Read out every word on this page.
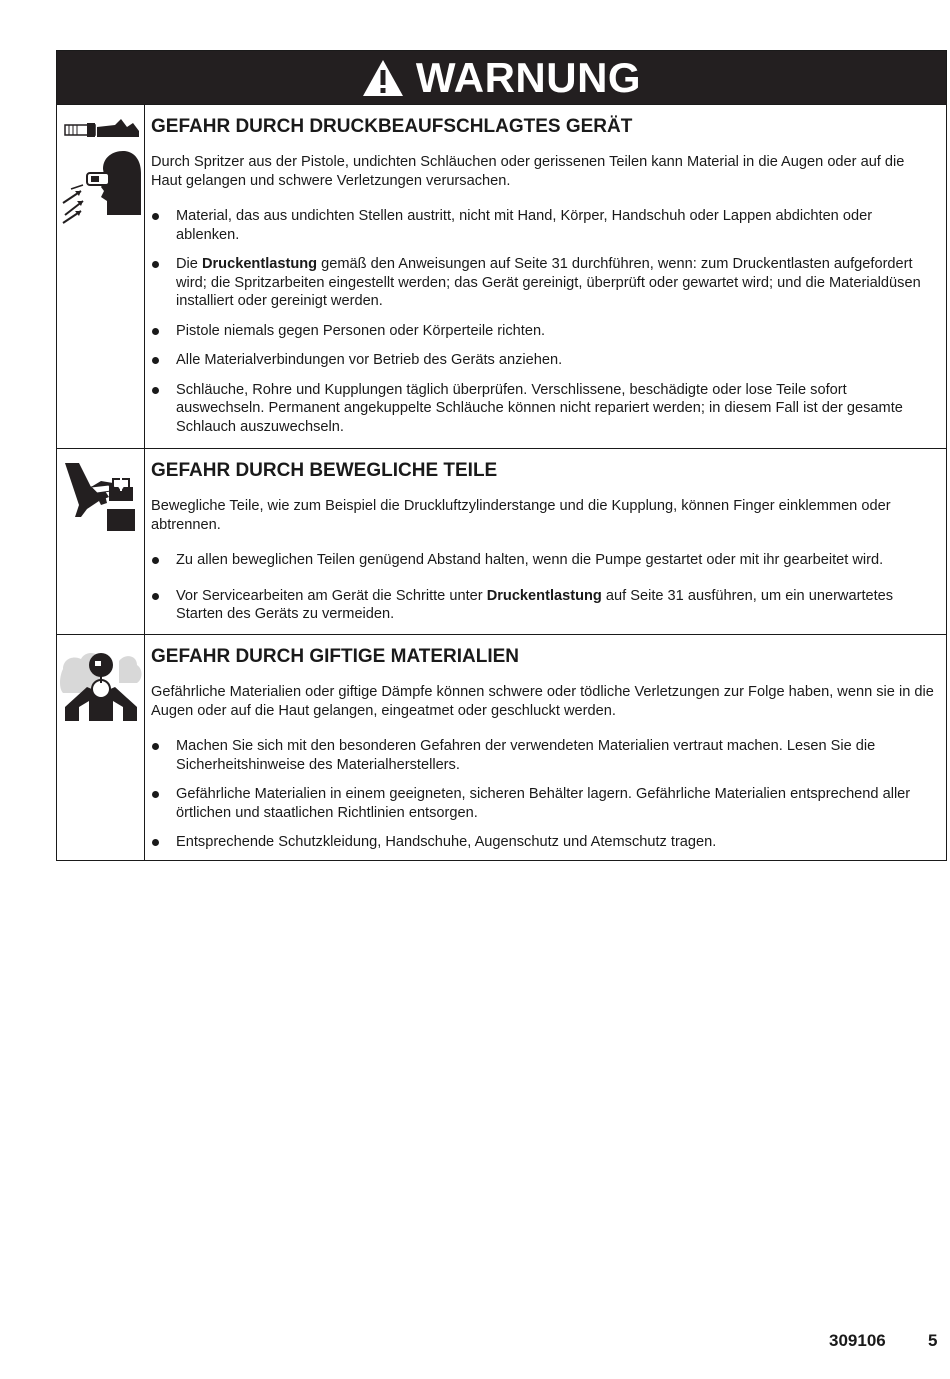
WARNUNG
GEFAHR DURCH DRUCKBEAUFSCHLAGTES GERÄT
Durch Spritzer aus der Pistole, undichten Schläuchen oder gerissenen Teilen kann Material in die Augen oder auf die Haut gelangen und schwere Verletzungen verursachen.
Material, das aus undichten Stellen austritt, nicht mit Hand, Körper, Handschuh oder Lappen abdichten oder ablenken.
Die Druckentlastung gemäß den Anweisungen auf Seite 31 durchführen, wenn: zum Druckentlasten aufgefordert wird; die Spritzarbeiten eingestellt werden; das Gerät gereinigt, überprüft oder gewartet wird; und die Materialdüsen installiert oder gereinigt werden.
Pistole niemals gegen Personen oder Körperteile richten.
Alle Materialverbindungen vor Betrieb des Geräts anziehen.
Schläuche, Rohre und Kupplungen täglich überprüfen. Verschlissene, beschädigte oder lose Teile sofort auswechseln. Permanent angekuppelte Schläuche können nicht repariert werden; in diesem Fall ist der gesamte Schlauch auszuwechseln.
GEFAHR DURCH BEWEGLICHE TEILE
Bewegliche Teile, wie zum Beispiel die Druckluftzylinderstange und die Kupplung, können Finger einklemmen oder abtrennen.
Zu allen beweglichen Teilen genügend Abstand halten, wenn die Pumpe gestartet oder mit ihr gearbeitet wird.
Vor Servicearbeiten am Gerät die Schritte unter Druckentlastung auf Seite 31 ausführen, um ein unerwartetes Starten des Geräts zu vermeiden.
GEFAHR DURCH GIFTIGE MATERIALIEN
Gefährliche Materialien oder giftige Dämpfe können schwere oder tödliche Verletzungen zur Folge haben, wenn sie in die Augen oder auf die Haut gelangen, eingeatmet oder geschluckt werden.
Machen Sie sich mit den besonderen Gefahren der verwendeten Materialien vertraut machen. Lesen Sie die Sicherheitshinweise des Materialherstellers.
Gefährliche Materialien in einem geeigneten, sicheren Behälter lagern. Gefährliche Materialien entsprechend aller örtlichen und staatlichen Richtlinien entsorgen.
Entsprechende Schutzkleidung, Handschuhe, Augenschutz und Atemschutz tragen.
309106 5
